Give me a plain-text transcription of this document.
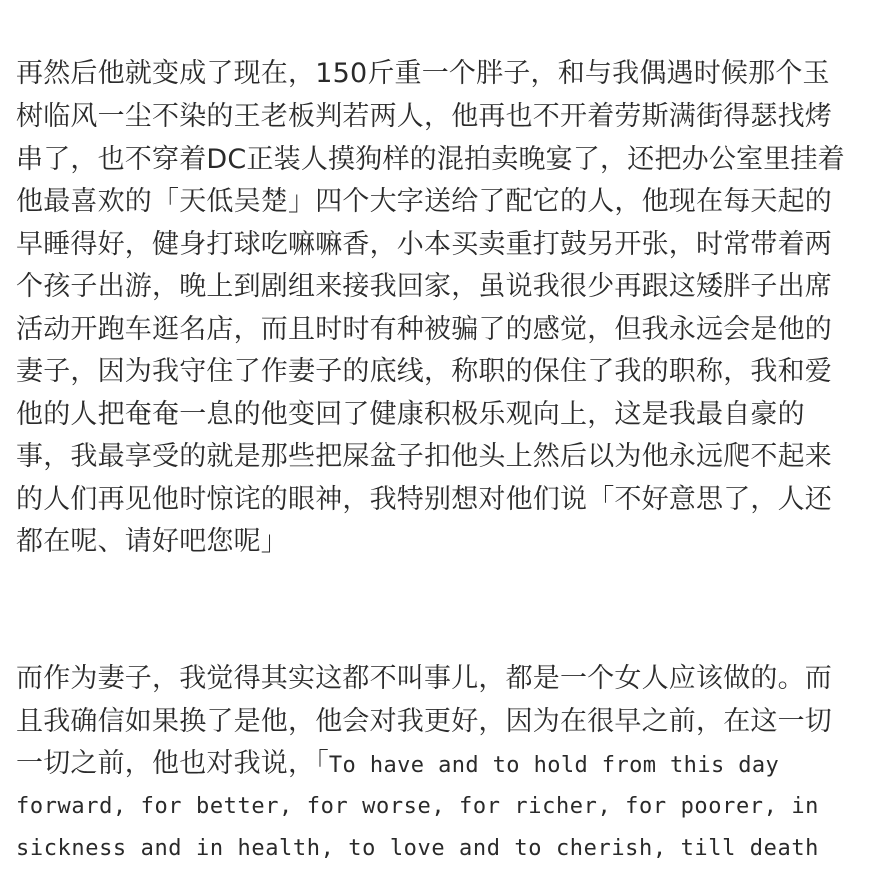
再然后他就变成了现在，150斤重一个胖子，和与我偶遇时候那个玉
树临风一尘不染的王老板判若两人，他再也不开着劳斯满街得瑟找烤
串了，也不穿着DC正装人摸狗样的混拍卖晚宴了，还把办公室里挂着
他最喜欢的「天低吴楚」四个大字送给了配它的人，他现在每天起的
早睡得好，健身打球吃嘛嘛香，小本买卖重打鼓另开张，时常带着两
个孩子出游，晚上到剧组来接我回家，虽说我很少再跟这矮胖子出席
活动开跑车逛名店，而且时时有种被骗了的感觉，但我永远会是他的
妻子，因为我守住了作妻子的底线，称职的保住了我的职称，我和爱
他的人把奄奄一息的他变回了健康积极乐观向上，这是我最自豪的
事，我最享受的就是那些把屎盆子扣他头上然后以为他永远爬不起来
的人们再见他时惊诧的眼神，我特别想对他们说「不好意思了，人还
都在呢、请好吧您呢」
而作为妻子，我觉得其实这都不叫事儿，都是一个女人应该做的。而
且我确信如果换了是他，他会对我更好，因为在很早之前，在这一切
一切之前，他也对我说，「To have and to hold from this day
forward, for better, for worse, for richer, for poorer, in
sickness and in health, to love and to cherish, till death
